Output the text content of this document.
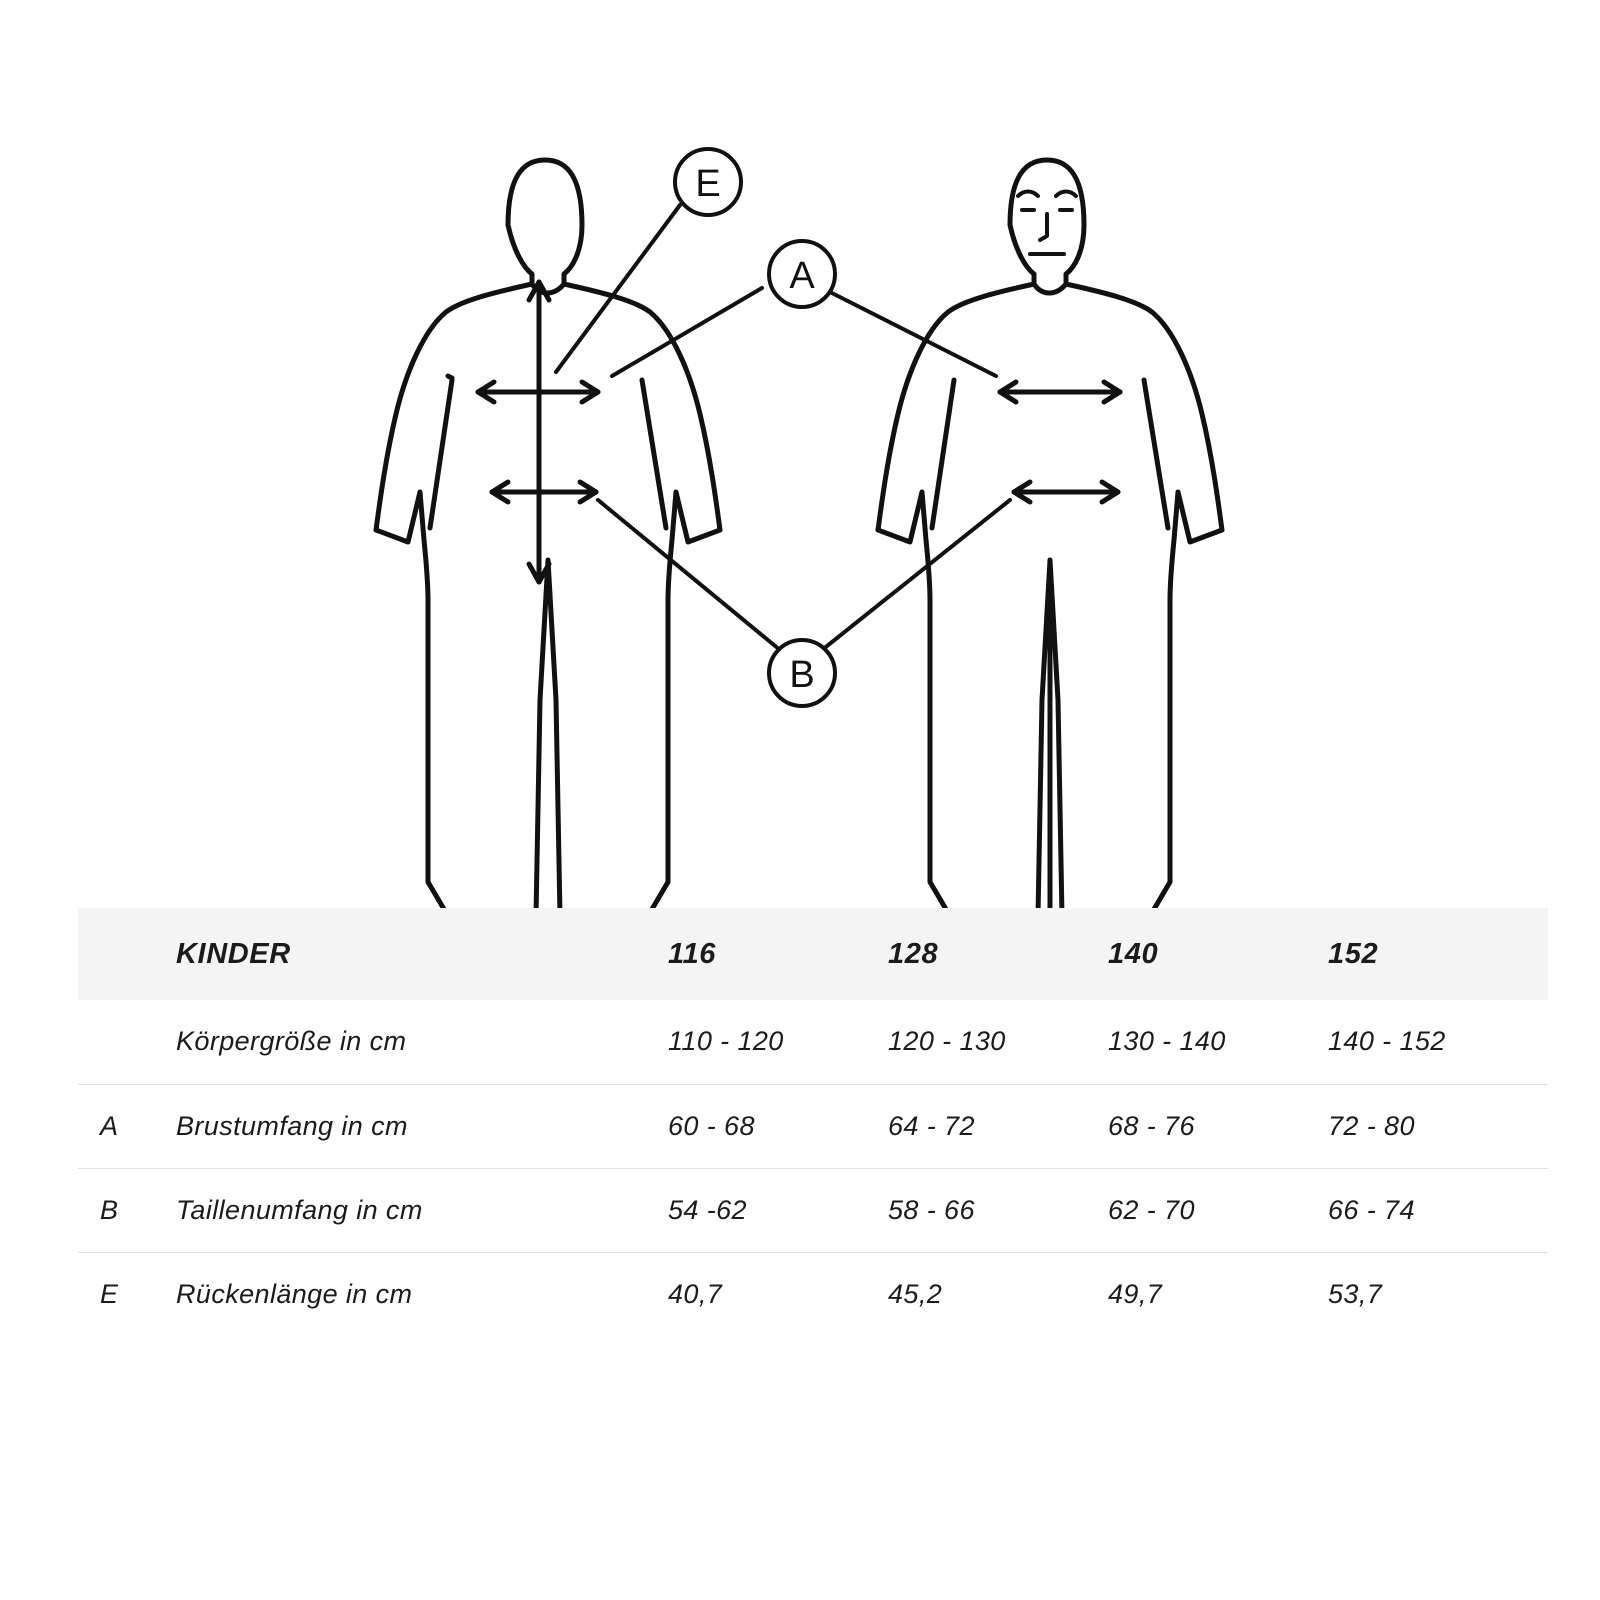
E
A
B
	KINDER	116	128	140	152
	Körpergröße in cm	110 - 120	120 - 130	130 - 140	140 - 152
A	Brustumfang in cm	60 - 68	64 - 72	68 - 76	72 - 80
B	Taillenumfang in cm	54 -62	58 - 66	62 - 70	66 - 74
E	Rückenlänge in cm	40,7	45,2	49,7	53,7
